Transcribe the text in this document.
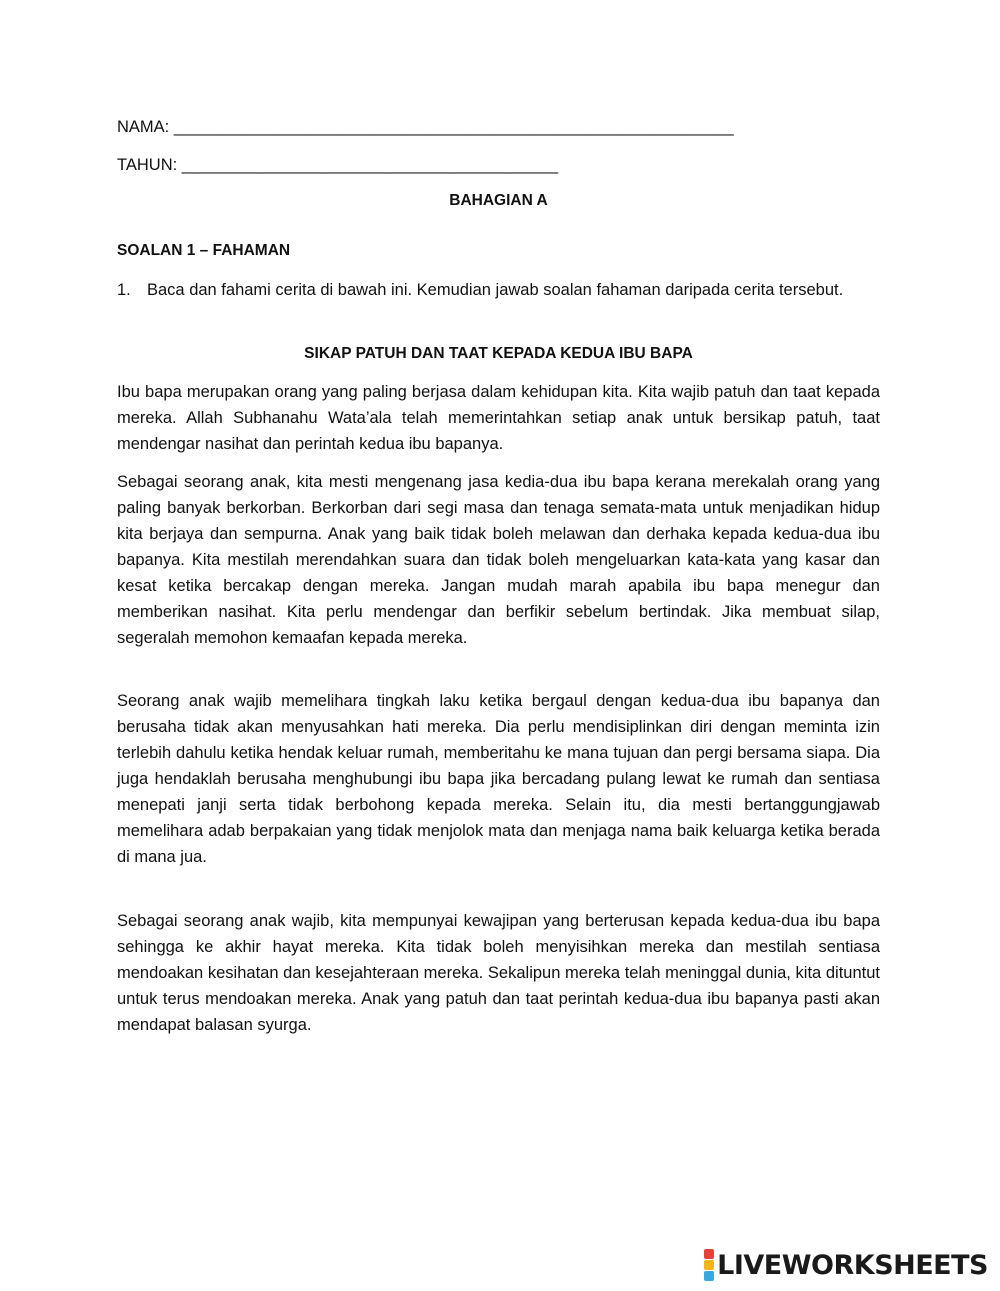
NAMA: _____________________________________________________________
TAHUN: _________________________________________
BAHAGIAN A
SOALAN 1 – FAHAMAN
1. Baca dan fahami cerita di bawah ini. Kemudian jawab soalan fahaman daripada cerita tersebut.
SIKAP PATUH DAN TAAT KEPADA KEDUA IBU BAPA

Ibu bapa merupakan orang yang paling berjasa dalam kehidupan kita. Kita wajib patuh dan taat kepada mereka. Allah Subhanahu Wata’ala telah memerintahkan setiap anak untuk bersikap patuh, taat mendengar nasihat dan perintah kedua ibu bapanya.

Sebagai seorang anak, kita mesti mengenang jasa kedia-dua ibu bapa kerana merekalah orang yang paling banyak berkorban. Berkorban dari segi masa dan tenaga semata-mata untuk menjadikan hidup kita berjaya dan sempurna. Anak yang baik tidak boleh melawan dan derhaka kepada kedua-dua ibu bapanya. Kita mestilah merendahkan suara dan tidak boleh mengeluarkan kata-kata yang kasar dan kesat ketika bercakap dengan mereka. Jangan mudah marah apabila ibu bapa menegur dan memberikan nasihat. Kita perlu mendengar dan berfikir sebelum bertindak. Jika membuat silap, segeralah memohon kemaafan kepada mereka.

Seorang anak wajib memelihara tingkah laku ketika bergaul dengan kedua-dua ibu bapanya dan berusaha tidak akan menyusahkan hati mereka. Dia perlu mendisiplinkan diri dengan meminta izin terlebih dahulu ketika hendak keluar rumah, memberitahu ke mana tujuan dan pergi bersama siapa. Dia juga hendaklah berusaha menghubungi ibu bapa jika bercadang pulang lewat ke rumah dan sentiasa menepati janji serta tidak berbohong kepada mereka. Selain itu, dia mesti bertanggungjawab memelihara adab berpakaian yang tidak menjolok mata dan menjaga nama baik keluarga ketika berada di mana jua.

Sebagai seorang anak wajib, kita mempunyai kewajipan yang berterusan kepada kedua-dua ibu bapa sehingga ke akhir hayat mereka. Kita tidak boleh menyisihkan mereka dan mestilah sentiasa mendoakan kesihatan dan kesejahteraan mereka. Sekalipun mereka telah meninggal dunia, kita dituntut untuk terus mendoakan mereka. Anak yang patuh dan taat perintah kedua-dua ibu bapanya pasti akan mendapat balasan syurga.

LIVEWORKSHEETS
